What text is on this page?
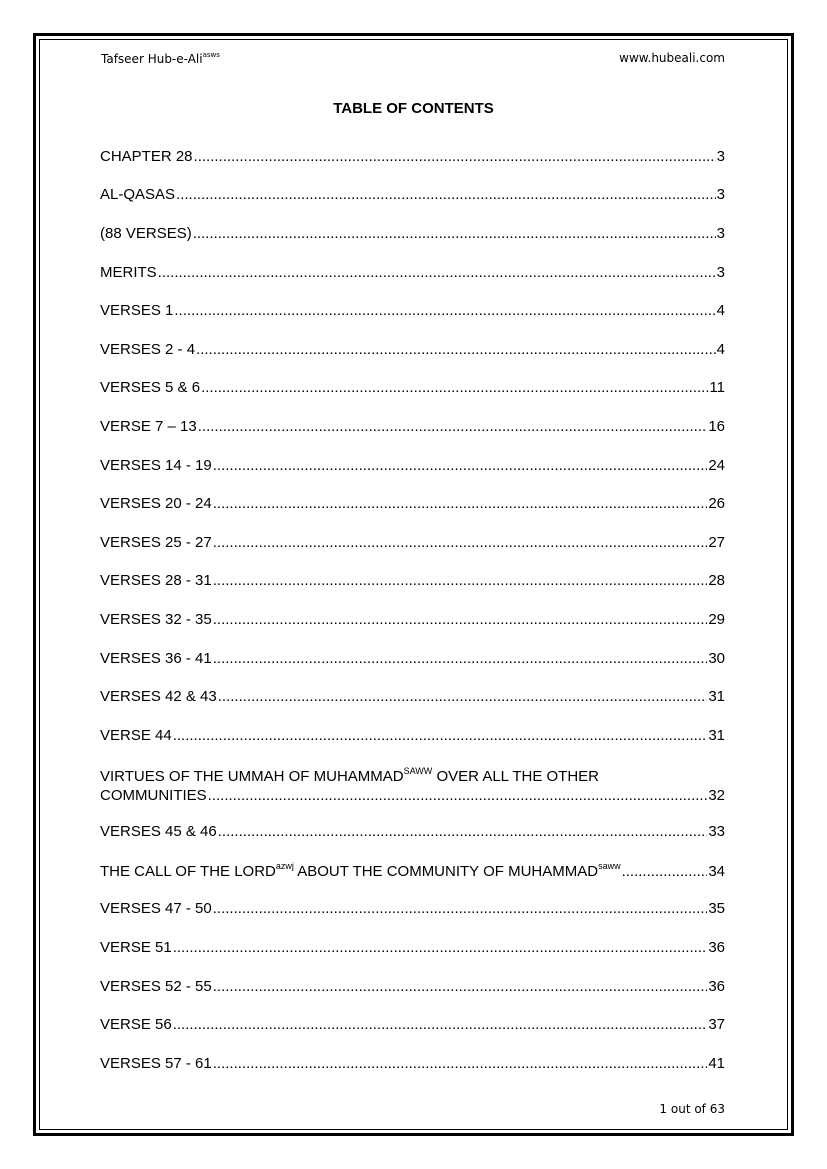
Tafseer Hub-e-Ali$^{asws}$	www.hubeali.com
TABLE OF CONTENTS
CHAPTER 28 .....	3
AL-QASAS .....	3
(88 VERSES) .....	3
MERITS .....	3
VERSES 1 .....	4
VERSES 2 - 4 .....	4
VERSES 5 & 6 .....	11
VERSE 7 – 13 .....	16
VERSES 14 - 19 .....	24
VERSES 20 - 24 .....	26
VERSES 25 - 27 .....	27
VERSES 28 - 31 .....	28
VERSES 32 - 35 .....	29
VERSES 36 - 41 .....	30
VERSES 42 & 43 .....	31
VERSE 44 .....	31
VIRTUES OF THE UMMAH OF $MUHAMMAD^{SAWW}$ OVER ALL THE OTHER
COMMUNITIES .....	32
VERSES 45 & 46 .....	33
THE CALL OF THE $LORD^{azwj}$ ABOUT THE COMMUNITY OF $MUHAMMAD^{saww}$ .....	34
VERSES 47 - 50 .....	35
VERSE 51 .....	36
VERSES 52 - 55 .....	36
VERSE 56 .....	37
VERSES 57 - 61 .....	41
1 out of 63
